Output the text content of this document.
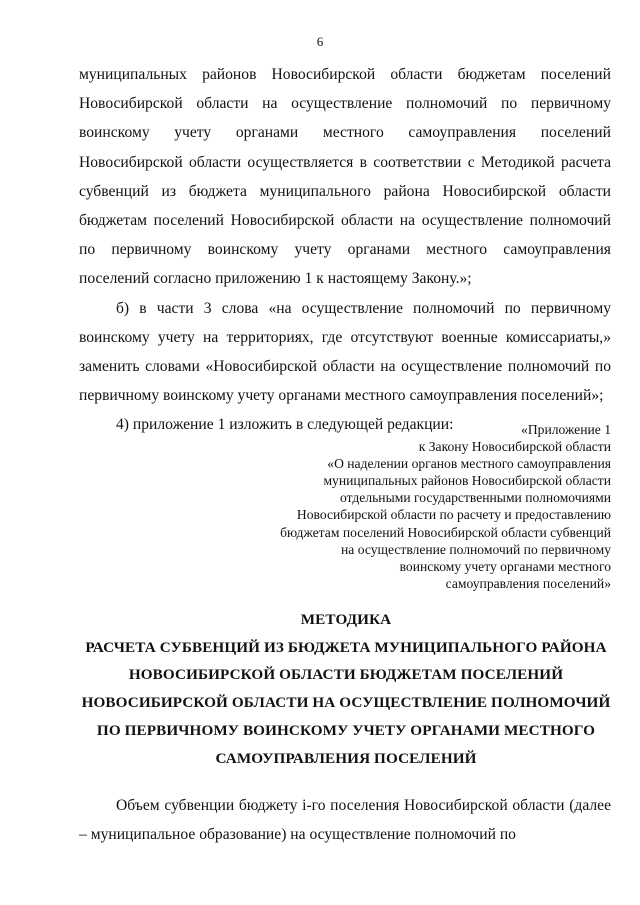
6

муниципальных районов Новосибирской области бюджетам поселений Новосибирской области на осуществление полномочий по первичному воинскому учету органами местного самоуправления поселений Новосибирской области осуществляется в соответствии с Методикой расчета субвенций из бюджета муниципального района Новосибирской области бюджетам поселений Новосибирской области на осуществление полномочий по первичному воинскому учету органами местного самоуправления поселений согласно приложению 1 к настоящему Закону.»;

б) в части 3 слова «на осуществление полномочий по первичному воинскому учету на территориях, где отсутствуют военные комиссариаты,» заменить словами «Новосибирской области на осуществление полномочий по первичному воинскому учету органами местного самоуправления поселений»;

4) приложение 1 изложить в следующей редакции:	«Приложение 1
к Закону Новосибирской области
«О наделении органов местного самоуправления
муниципальных районов Новосибирской области
отдельными государственными полномочиями
Новосибирской области по расчету и предоставлению
бюджетам поселений Новосибирской области субвенций
на осуществление полномочий по первичному
воинскому учету органами местного
самоуправления поселений»
МЕТОДИКА
РАСЧЕТА СУБВЕНЦИЙ ИЗ БЮДЖЕТА МУНИЦИПАЛЬНОГО РАЙОНА
НОВОСИБИРСКОЙ ОБЛАСТИ БЮДЖЕТАМ ПОСЕЛЕНИЙ
НОВОСИБИРСКОЙ ОБЛАСТИ НА ОСУЩЕСТВЛЕНИЕ ПОЛНОМОЧИЙ
ПО ПЕРВИЧНОМУ ВОИНСКОМУ УЧЕТУ ОРГАНАМИ МЕСТНОГО
САМОУПРАВЛЕНИЯ ПОСЕЛЕНИЙ

Объем субвенции бюджету i-го поселения Новосибирской области (далее – муниципальное образование) на осуществление полномочий по
